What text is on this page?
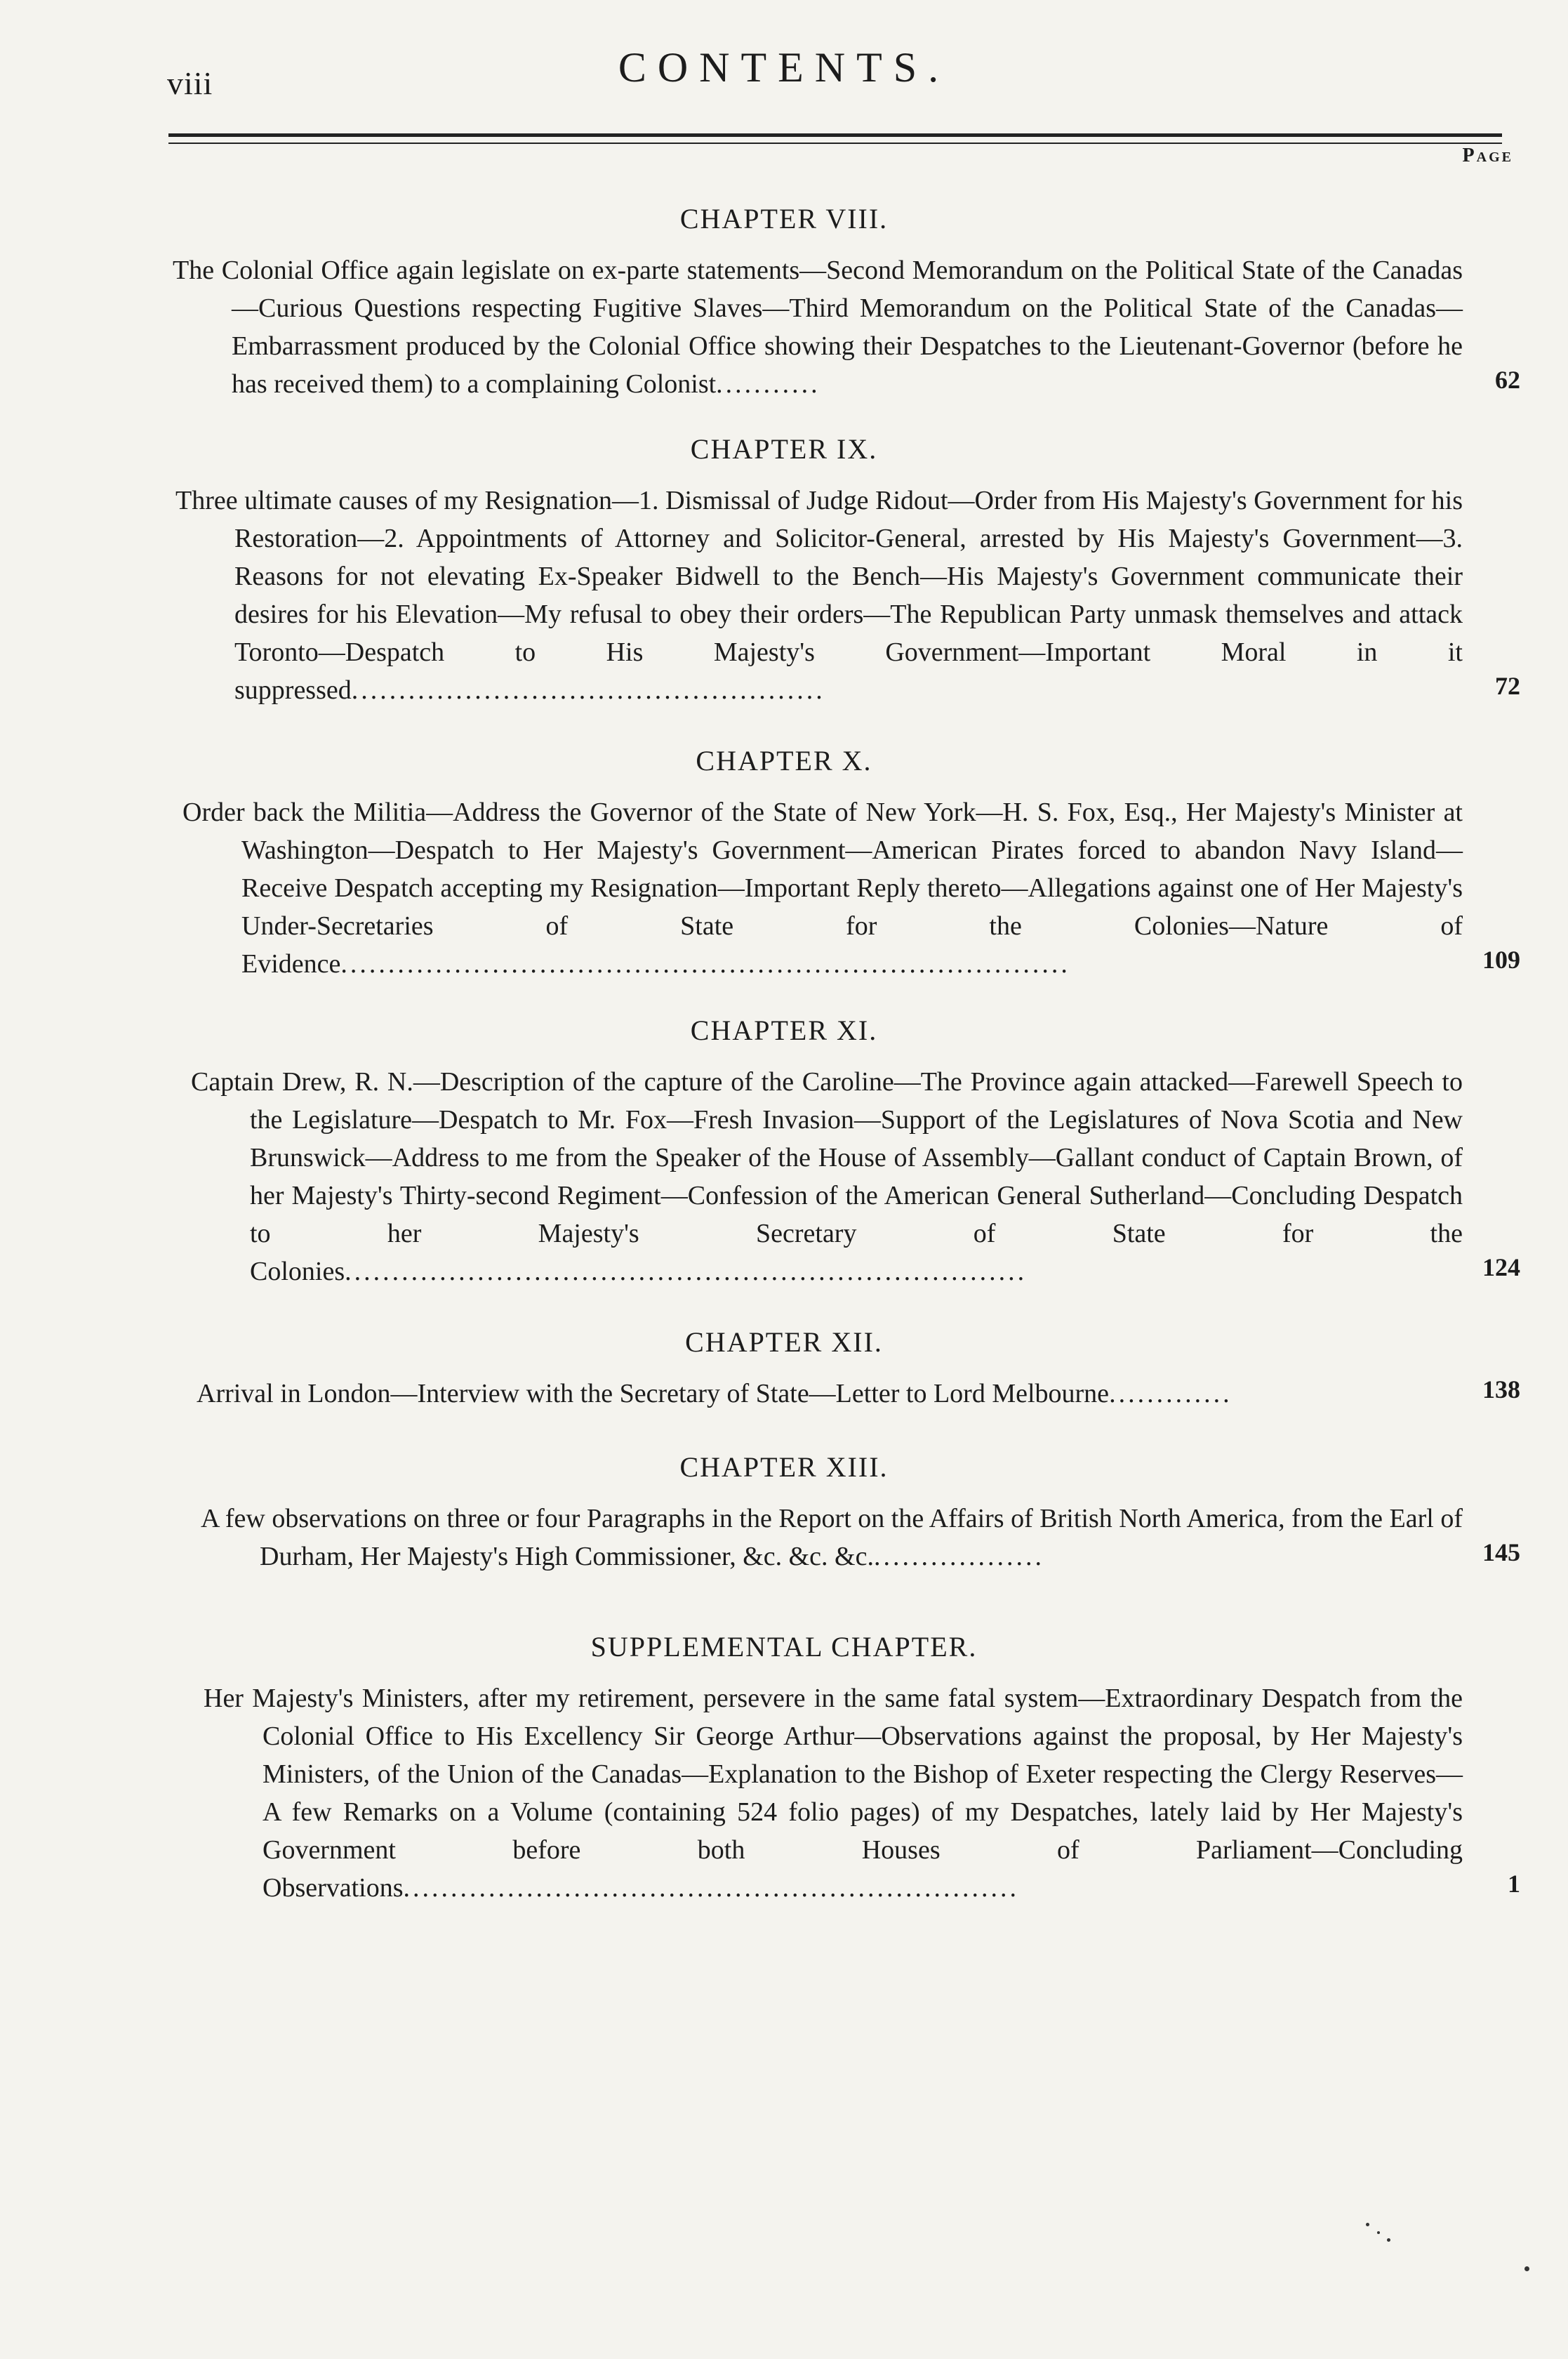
viii	CONTENTS.
Page
CHAPTER VIII.
The Colonial Office again legislate on ex-parte statements—Second Memorandum on the Political State of the Canadas—Curious Questions respecting Fugitive Slaves—Third Memorandum on the Political State of the Canadas—Embarrassment produced by the Colonial Office showing their Despatches to the Lieutenant-Governor (before he has received them) to a complaining Colonist...........	62
CHAPTER IX.
Three ultimate causes of my Resignation—1. Dismissal of Judge Ridout—Order from His Majesty's Government for his Restoration—2. Appointments of Attorney and Solicitor-General, arrested by His Majesty's Government—3. Reasons for not elevating Ex-Speaker Bidwell to the Bench—His Majesty's Government communicate their desires for his Elevation—My refusal to obey their orders—The Republican Party unmask themselves and attack Toronto—Despatch to His Majesty's Government—Important Moral in it suppressed..................................................	72
CHAPTER X.
Order back the Militia—Address the Governor of the State of New York—H. S. Fox, Esq., Her Majesty's Minister at Washington—Despatch to Her Majesty's Government—American Pirates forced to abandon Navy Island—Receive Despatch accepting my Resignation—Important Reply thereto—Allegations against one of Her Majesty's Under-Secretaries of State for the Colonies—Nature of Evidence.............................................................................	109
CHAPTER XI.
Captain Drew, R. N.—Description of the capture of the Caroline—The Province again attacked—Farewell Speech to the Legislature—Despatch to Mr. Fox—Fresh Invasion—Support of the Legislatures of Nova Scotia and New Brunswick—Address to me from the Speaker of the House of Assembly—Gallant conduct of Captain Brown, of her Majesty's Thirty-second Regiment—Confession of the American General Sutherland—Concluding Despatch to her Majesty's Secretary of State for the Colonies........................................................................	124
CHAPTER XII.
Arrival in London—Interview with the Secretary of State—Letter to Lord Melbourne.............	138
CHAPTER XIII.
A few observations on three or four Paragraphs in the Report on the Affairs of British North America, from the Earl of Durham, Her Majesty's High Commissioner, &c. &c. &c...................	145
SUPPLEMENTAL CHAPTER.
Her Majesty's Ministers, after my retirement, persevere in the same fatal system—Extraordinary Despatch from the Colonial Office to His Excellency Sir George Arthur—Observations against the proposal, by Her Majesty's Ministers, of the Union of the Canadas—Explanation to the Bishop of Exeter respecting the Clergy Reserves—A few Remarks on a Volume (containing 524 folio pages) of my Despatches, lately laid by Her Majesty's Government before both Houses of Parliament—Concluding Observations.................................................................	1
